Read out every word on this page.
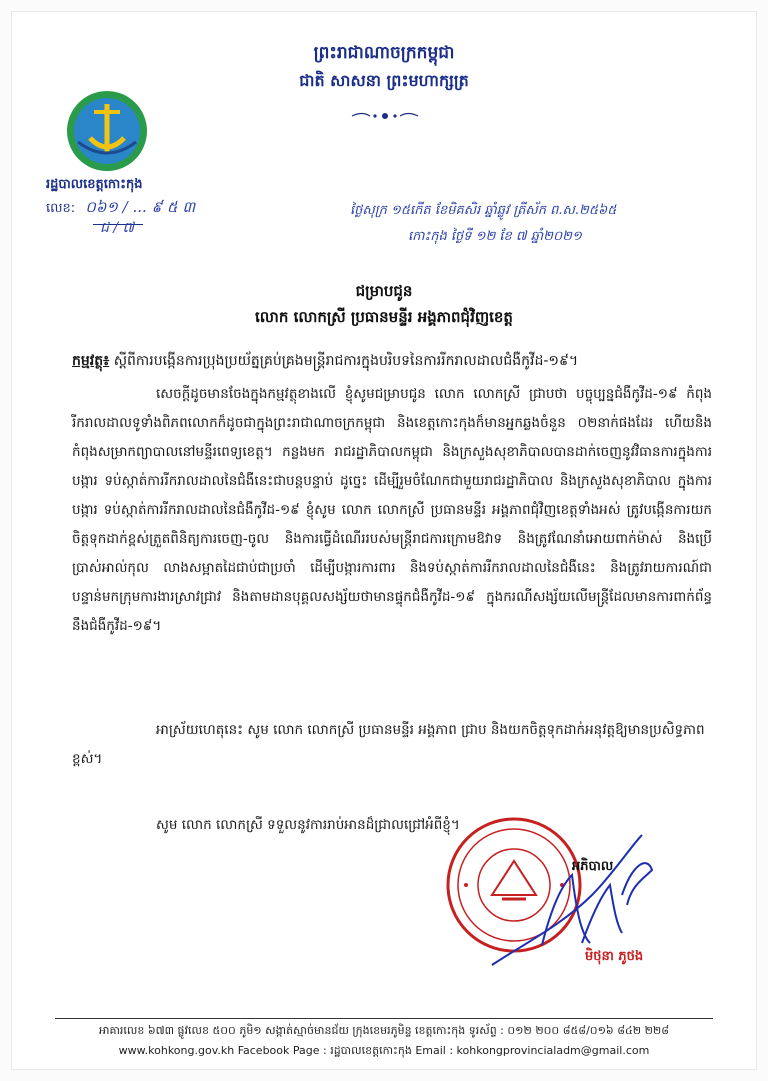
ព្រះរាជាណាចក្រកម្ពុជា
ជាតិ សាសនា ព្រះមហាក្សត្រ
រដ្ឋបាលខេត្តកោះកុង
លេខ: ០៦១ / ... ៩ ៥ ៣
ជ / ៧
ថ្ងៃសុក្រ ១៥កើត ខែមិគសិរ ឆ្នាំឆ្លូវ ត្រីស័ក ព.ស.២៥៦៥
កោះកុង ថ្ងៃទី ១២ ខែ ៧ ឆ្នាំ២០២១
ជម្រាបជូន
លោក លោកស្រី ប្រធានមន្ទីរ អង្គភាពជុំវិញខេត្ត
កម្មវត្ថុ៖ ស្តីពីការបង្កើនការប្រុងប្រយ័ត្នគ្រប់គ្រងមន្ត្រីរាជការក្នុងបរិបទនៃការរីករាលដាលជំងឺកូវីដ-១៩។

សេចក្តីដូចមានចែងក្នុងកម្មវត្ថុខាងលើ ខ្ញុំសូមជម្រាបជូន លោក លោកស្រី ជ្រាបថា បច្ចុប្បន្នជំងឺកូវីដ-១៩ កំពុងរីករាលដាលទូទាំងពិភពលោកក៏ដូចជាក្នុងព្រះរាជាណាចក្រកម្ពុជា និងខេត្តកោះកុងក៏មានអ្នកឆ្លងចំនួន ០២នាក់ផងដែរ ហើយនិងកំពុងសម្រាកព្យាបាលនៅមន្ទីរពេទ្យខេត្ត។ កន្លងមក រាជរដ្ឋាភិបាលកម្ពុជា និងក្រសួងសុខាភិបាលបានដាក់ចេញនូវវិធានការក្នុងការបង្ការ ទប់ស្កាត់ការរីករាលដាលនៃជំងឺនេះជាបន្តបន្ទាប់ ដូច្នេះ ដើម្បីរួមចំណែកជាមួយរាជរដ្ឋាភិបាល និងក្រសួងសុខាភិបាល ក្នុងការបង្ការ ទប់ស្កាត់ការរីករាលដាលនៃជំងឺកូវីដ-១៩ ខ្ញុំសូម លោក លោកស្រី ប្រធានមន្ទីរ អង្គភាពជុំវិញខេត្តទាំងអស់ ត្រូវបង្កើនការយកចិត្តទុកដាក់ខ្ពស់ត្រួតពិនិត្យការចេញ-ចូល និងការធ្វើដំណើររបស់មន្ត្រីរាជការក្រោមឱវាទ និងត្រូវណែនាំអោយពាក់ម៉ាស់ និងប្រើប្រាស់អាល់កុល លាងសម្អាតដៃជាប់ជាប្រចាំ ដើម្បីបង្ការការពារ និងទប់ស្កាត់ការរីករាលដាលនៃជំងឺនេះ និងត្រូវរាយការណ៍ជាបន្ទាន់មកក្រុមការងារស្រាវជ្រាវ និងតាមដានបុគ្គលសង្ស័យថាមានផ្ទុកជំងឺកូវីដ-១៩ ក្នុងករណីសង្ស័យលើមន្ត្រីដែលមានការពាក់ព័ន្ធនឹងជំងឺកូវីដ-១៩។

អាស្រ័យហេតុនេះ សូម លោក លោកស្រី ប្រធានមន្ទីរ អង្គភាព ជ្រាប និងយកចិត្តទុកដាក់អនុវត្តឱ្យមានប្រសិទ្ធភាពខ្ពស់។

សូម លោក លោកស្រី ទទួលនូវការរាប់អានដ៏ជ្រាលជ្រៅអំពីខ្ញុំ។
អភិបាល
មិថុនា ភូថង
អាគារលេខ ៦៧៣ ផ្លូវលេខ ៥០០ ភូមិ១ សង្កាត់ស្មាច់មានជ័យ ក្រុងខេមរភូមិន្ទ ខេត្តកោះកុង ទូរស័ព្ទ : ០១២ ២០០ ៨៥៨/០១៦ ៨៤២ ២២៨
www.kohkong.gov.kh Facebook Page : រដ្ឋបាលខេត្តកោះកុង Email : kohkongprovincialadm@gmail.com
